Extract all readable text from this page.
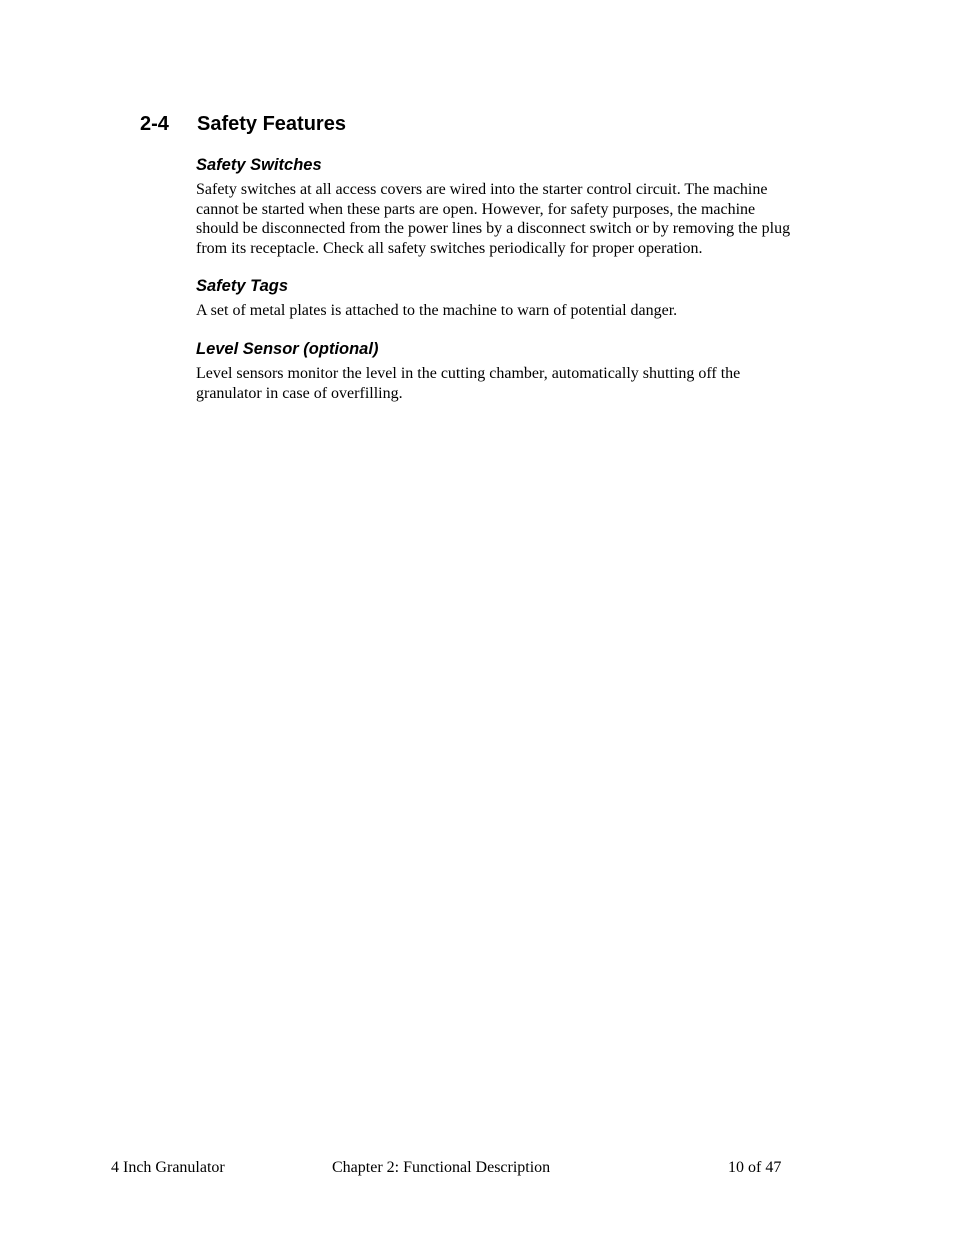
2-4 Safety Features
Safety Switches

Safety switches at all access covers are wired into the starter control circuit. The machine
cannot be started when these parts are open. However, for safety purposes, the machine
should be disconnected from the power lines by a disconnect switch or by removing the plug
from its receptacle. Check all safety switches periodically for proper operation.

Safety Tags

A set of metal plates is attached to the machine to warn of potential danger.

Level Sensor (optional)

Level sensors monitor the level in the cutting chamber, automatically shutting off the
granulator in case of overfilling.

4 Inch Granulator	Chapter 2: Functional Description	10 of 47
